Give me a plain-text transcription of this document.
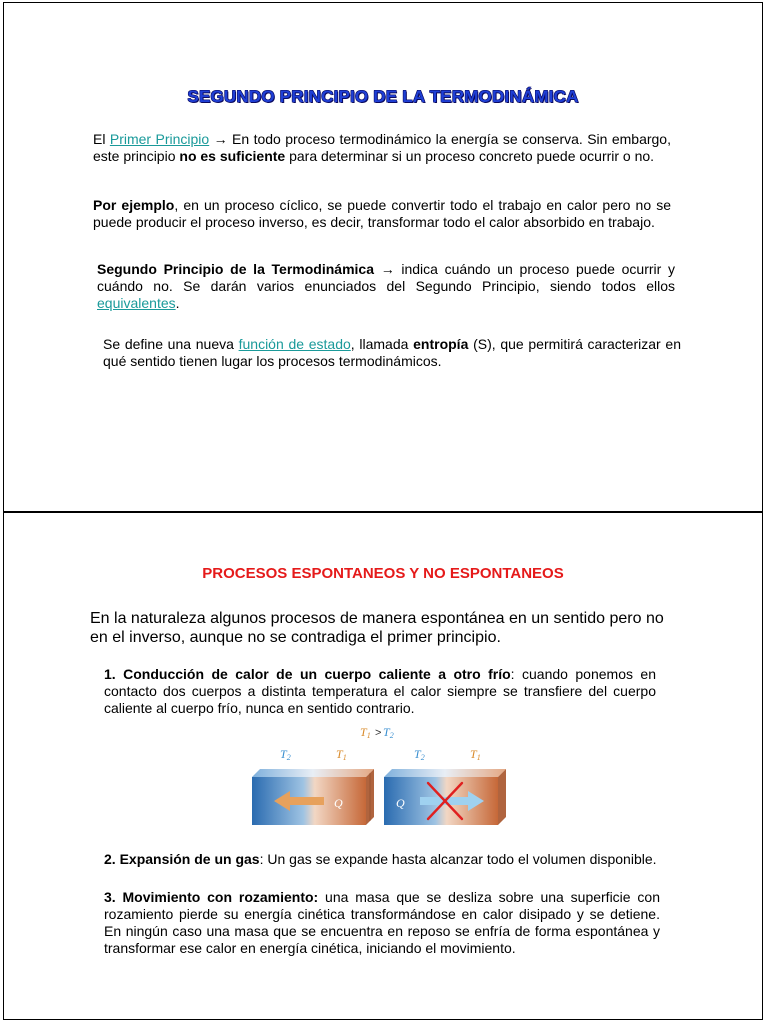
SEGUNDO PRINCIPIO DE LA TERMODINÁMICA
El Primer Principio → En todo proceso termodinámico la energía se conserva. Sin embargo, este principio no es suficiente para determinar si un proceso concreto puede ocurrir o no.
Por ejemplo, en un proceso cíclico, se puede convertir todo el trabajo en calor pero no se puede producir el proceso inverso, es decir, transformar todo el calor absorbido en trabajo.
Segundo Principio de la Termodinámica → indica cuándo un proceso puede ocurrir y cuándo no. Se darán varios enunciados del Segundo Principio, siendo todos ellos equivalentes.
Se define una nueva función de estado, llamada entropía (S), que permitirá caracterizar en qué sentido tienen lugar los procesos termodinámicos.
PROCESOS ESPONTANEOS Y NO ESPONTANEOS
En la naturaleza algunos procesos de manera espontánea en un sentido pero no en el inverso, aunque no se contradiga el primer principio.
1. Conducción de calor de un cuerpo caliente a otro frío: cuando ponemos en contacto dos cuerpos a distinta temperatura el calor siempre se transfiere del cuerpo caliente al cuerpo frío, nunca en sentido contrario.
T1 > T2
T2	T1
Q
T2	T1
Q
2. Expansión de un gas: Un gas se expande hasta alcanzar todo el volumen disponible.
3. Movimiento con rozamiento: una masa que se desliza sobre una superficie con rozamiento pierde su energía cinética transformándose en calor disipado y se detiene. En ningún caso una masa que se encuentra en reposo se enfría de forma espontánea y transformar ese calor en energía cinética, iniciando el movimiento.
